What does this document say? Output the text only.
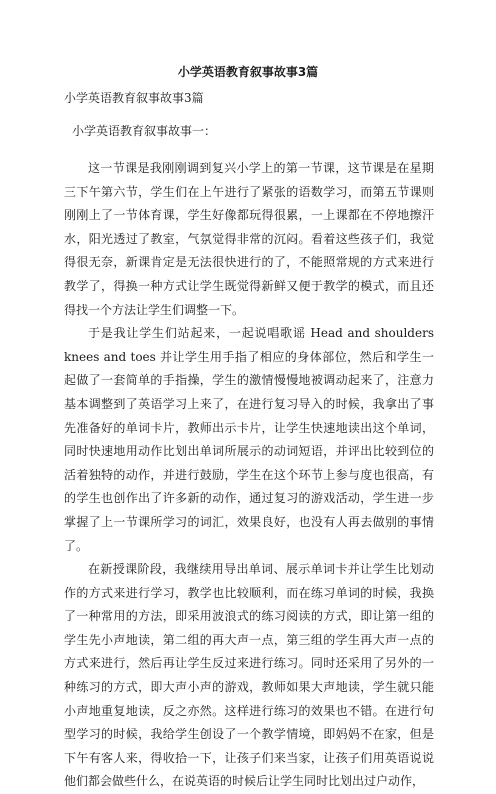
小学英语教育叙事故事3篇
小学英语教育叙事故事3篇
小学英语教育叙事故事一：

这一节课是我刚刚调到复兴小学上的第一节课，这节课是在星期三下午第六节，学生们在上午进行了紧张的语数学习，而第五节课则刚刚上了一节体育课，学生好像都玩得很累，一上课都在不停地擦汗水，阳光透过了教室，气氛觉得非常的沉闷。看着这些孩子们，我觉得很无奈，新课肯定是无法很快进行的了，不能照常规的方式来进行教学了，得换一种方式让学生既觉得新鲜又便于教学的模式，而且还得找一个方法让学生们调整一下。

于是我让学生们站起来，一起说唱歌谣 Head and shoulders knees and toes 并让学生用手指了相应的身体部位，然后和学生一起做了一套简单的手指操，学生的激情慢慢地被调动起来了，注意力基本调整到了英语学习上来了，在进行复习导入的时候，我拿出了事先准备好的单词卡片，教师出示卡片，让学生快速地读出这个单词，同时快速地用动作比划出单词所展示的动词短语，并评出比较到位的活着独特的动作，并进行鼓励，学生在这个环节上参与度也很高，有的学生也创作出了许多新的动作，通过复习的游戏活动，学生进一步掌握了上一节课所学习的词汇，效果良好，也没有人再去做别的事情了。

在新授课阶段，我继续用导出单词、展示单词卡并让学生比划动作的方式来进行学习，教学也比较顺利，而在练习单词的时候，我换了一种常用的方法，即采用波浪式的练习阅读的方式，即让第一组的学生先小声地读，第二组的再大声一点，第三组的学生再大声一点的方式来进行，然后再让学生反过来进行练习。同时还采用了另外的一种练习的方式，即大声小声的游戏，教师如果大声地读，学生就只能小声地重复地读，反之亦然。这样进行练习的效果也不错。在进行句型学习的时候，我给学生创设了一个教学情境，即妈妈不在家，但是下午有客人来，得收拾一下，让孩子们来当家，让孩子们用英语说说他们都会做些什么，在说英语的时候后让学生同时比划出过户动作，
